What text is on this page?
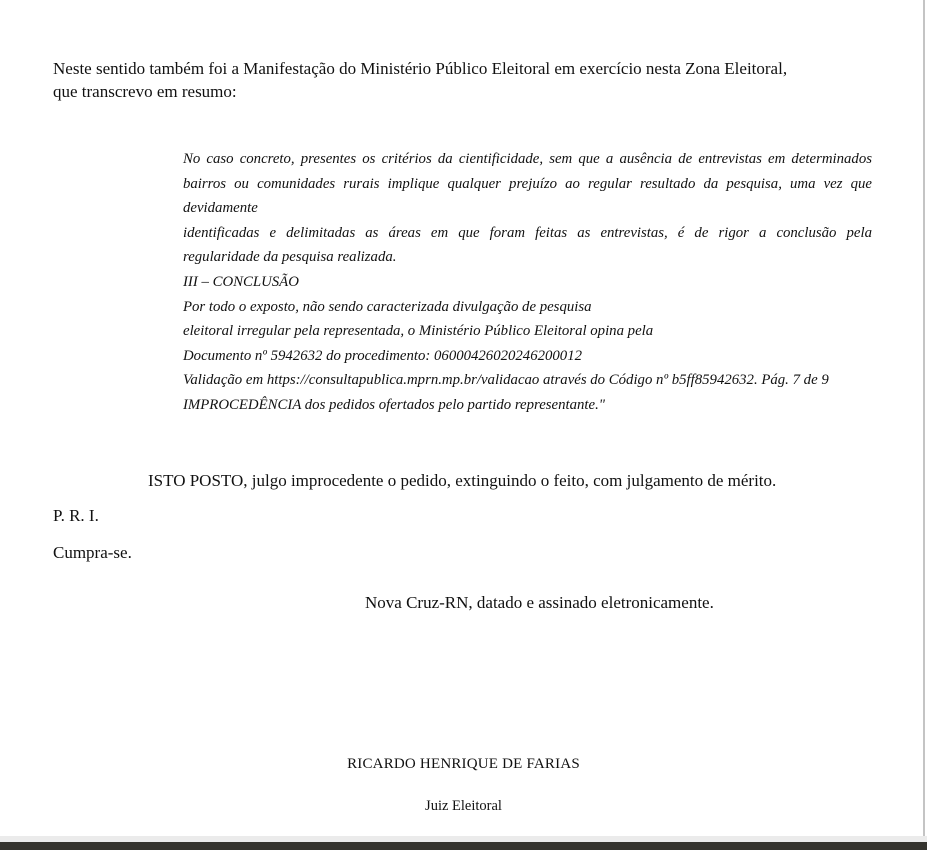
Neste sentido também foi a Manifestação do Ministério Público Eleitoral em exercício nesta Zona Eleitoral,
que transcrevo em resumo:
No caso concreto, presentes os critérios da cientificidade, sem que a ausência de entrevistas em determinados
bairros ou comunidades rurais implique qualquer prejuízo ao regular resultado da pesquisa, uma vez que
devidamente
identificadas e delimitadas as áreas em que foram feitas as entrevistas, é de rigor a conclusão pela
regularidade da pesquisa realizada.
III – CONCLUSÃO
Por todo o exposto, não sendo caracterizada divulgação de pesquisa
eleitoral irregular pela representada, o Ministério Público Eleitoral opina pela
Documento nº 5942632 do procedimento: 06000426020246200012
Validação em https://consultapublica.mprn.mp.br/validacao através do Código nº b5ff85942632. Pág. 7 de 9
IMPROCEDÊNCIA dos pedidos ofertados pelo partido representante."
ISTO POSTO, julgo improcedente o pedido, extinguindo o feito, com julgamento de mérito.
P. R. I.
Cumpra-se.
Nova Cruz-RN, datado e assinado eletronicamente.
RICARDO HENRIQUE DE FARIAS
Juiz Eleitoral
